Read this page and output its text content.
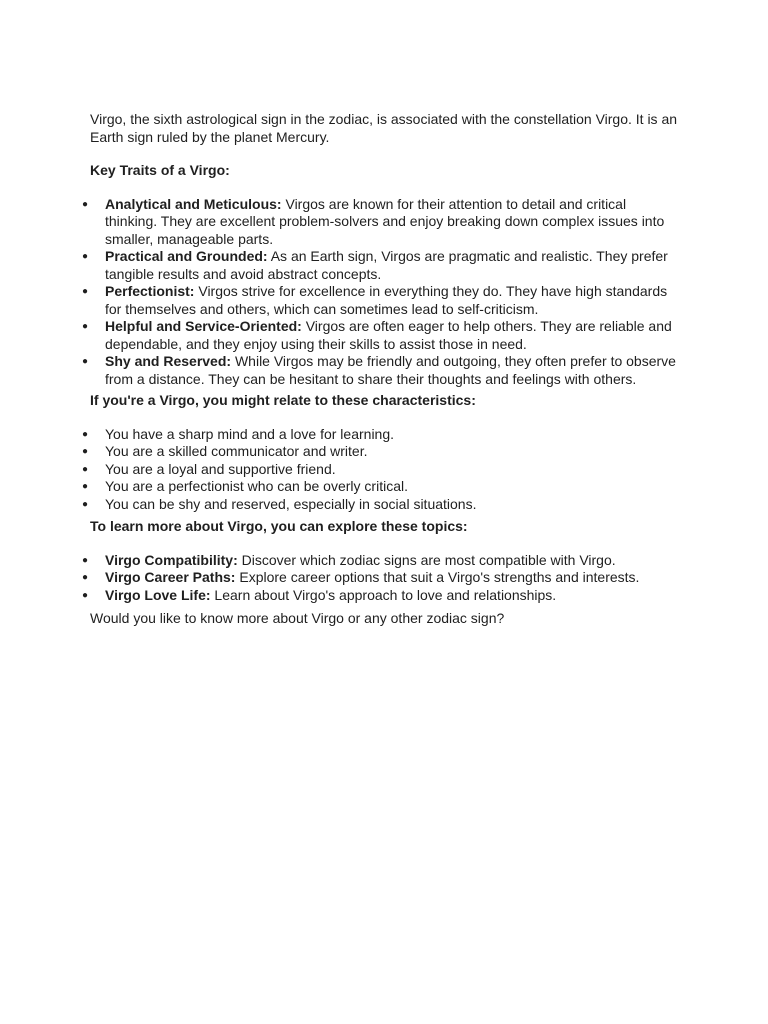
Virgo, the sixth astrological sign in the zodiac, is associated with the constellation Virgo. It is an Earth sign ruled by the planet Mercury.

Key Traits of a Virgo:

● Analytical and Meticulous: Virgos are known for their attention to detail and critical thinking. They are excellent problem-solvers and enjoy breaking down complex issues into smaller, manageable parts.
● Practical and Grounded: As an Earth sign, Virgos are pragmatic and realistic. They prefer tangible results and avoid abstract concepts.
● Perfectionist: Virgos strive for excellence in everything they do. They have high standards for themselves and others, which can sometimes lead to self-criticism.
● Helpful and Service-Oriented: Virgos are often eager to help others. They are reliable and dependable, and they enjoy using their skills to assist those in need.
● Shy and Reserved: While Virgos may be friendly and outgoing, they often prefer to observe from a distance. They can be hesitant to share their thoughts and feelings with others.

If you're a Virgo, you might relate to these characteristics:

● You have a sharp mind and a love for learning.
● You are a skilled communicator and writer.
● You are a loyal and supportive friend.
● You are a perfectionist who can be overly critical.
● You can be shy and reserved, especially in social situations.

To learn more about Virgo, you can explore these topics:

● Virgo Compatibility: Discover which zodiac signs are most compatible with Virgo.
● Virgo Career Paths: Explore career options that suit a Virgo's strengths and interests.
● Virgo Love Life: Learn about Virgo's approach to love and relationships.

Would you like to know more about Virgo or any other zodiac sign?
